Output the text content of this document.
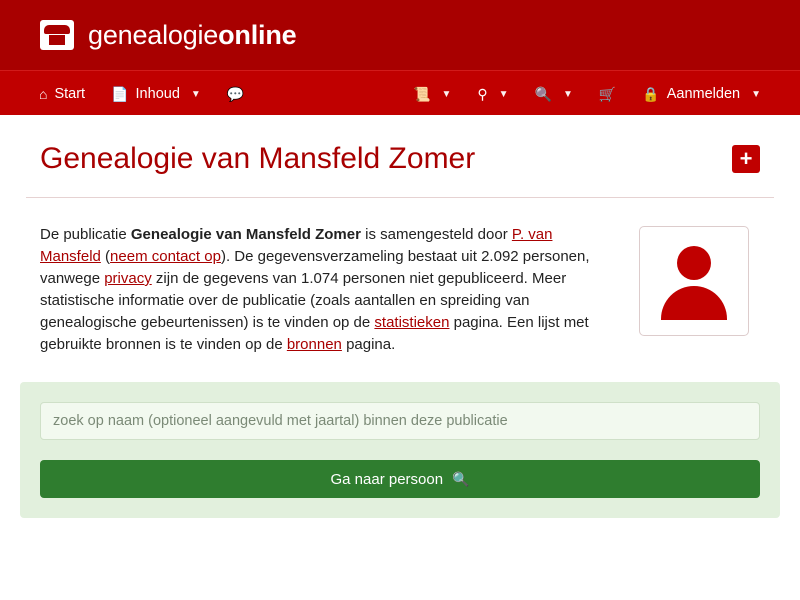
genealogieonline
⌂ Start 📄 Inhoud ▼ 💬	📜 ▼ ⚲ ▼ 🔍 ▼ 🛒 🔒 Aanmelden ▼
Genealogie van Mansfeld Zomer	+
De publicatie Genealogie van Mansfeld Zomer is samengesteld door P. van Mansfeld (neem contact op). De gegevensverzameling bestaat uit 2.092 personen, vanwege privacy zijn de gegevens van 1.074 personen niet gepubliceerd. Meer statistische informatie over de publicatie (zoals aantallen en spreiding van genealogische gebeurtenissen) is te vinden op de statistieken pagina. Een lijst met gebruikte bronnen is te vinden op de bronnen pagina.
zoek op naam (optioneel aangevuld met jaartal) binnen deze publicatie
Ga naar persoon 🔍
